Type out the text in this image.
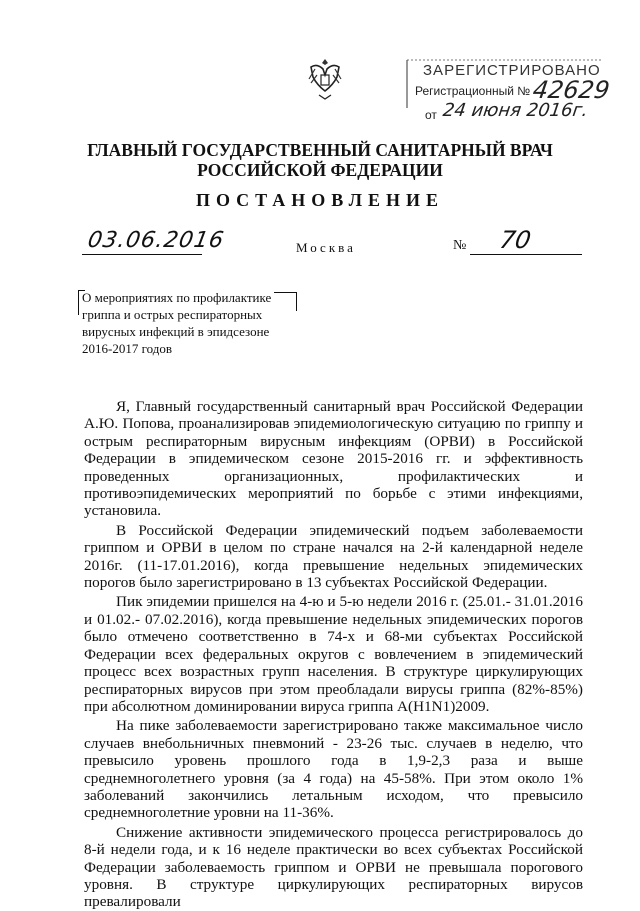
ЗАРЕГИСТРИРОВАНО
Регистрационный № 42629
от 24 июня 2016г.
ГЛАВНЫЙ ГОСУДАРСТВЕННЫЙ САНИТАРНЫЙ ВРАЧ
РОССИЙСКОЙ ФЕДЕРАЦИИ
ПОСТАНОВЛЕНИЕ
03.06.2016	Москва	№ 70
О мероприятиях по профилактике
гриппа и острых респираторных
вирусных инфекций в эпидсезоне
2016-2017 годов

Я, Главный государственный санитарный врач Российской Федерации А.Ю. Попова, проанализировав эпидемиологическую ситуацию по гриппу и острым респираторным вирусным инфекциям (ОРВИ) в Российской Федерации в эпидемическом сезоне 2015-2016 гг. и эффективность проведенных организационных, профилактических и противоэпидемических мероприятий по борьбе с этими инфекциями, установила.

В Российской Федерации эпидемический подъем заболеваемости гриппом и ОРВИ в целом по стране начался на 2-й календарной неделе 2016г. (11-17.01.2016), когда превышение недельных эпидемических порогов было зарегистрировано в 13 субъектах Российской Федерации.

Пик эпидемии пришелся на 4-ю и 5-ю недели 2016 г. (25.01.- 31.01.2016 и 01.02.- 07.02.2016), когда превышение недельных эпидемических порогов было отмечено соответственно в 74-х и 68-ми субъектах Российской Федерации всех федеральных округов с вовлечением в эпидемический процесс всех возрастных групп населения. В структуре циркулирующих респираторных вирусов при этом преобладали вирусы гриппа (82%-85%) при абсолютном доминировании вируса гриппа A(H1N1)2009.

На пике заболеваемости зарегистрировано также максимальное число случаев внебольничных пневмоний - 23-26 тыс. случаев в неделю, что превысило уровень прошлого года в 1,9-2,3 раза и выше среднемноголетнего уровня (за 4 года) на 45-58%. При этом около 1% заболеваний закончились летальным исходом, что превысило среднемноголетние уровни на 11-36%.

Снижение активности эпидемического процесса регистрировалось до 8-й недели года, и к 16 неделе практически во всех субъектах Российской Федерации заболеваемость гриппом и ОРВИ не превышала порогового уровня. В структуре циркулирующих респираторных вирусов превалировали
